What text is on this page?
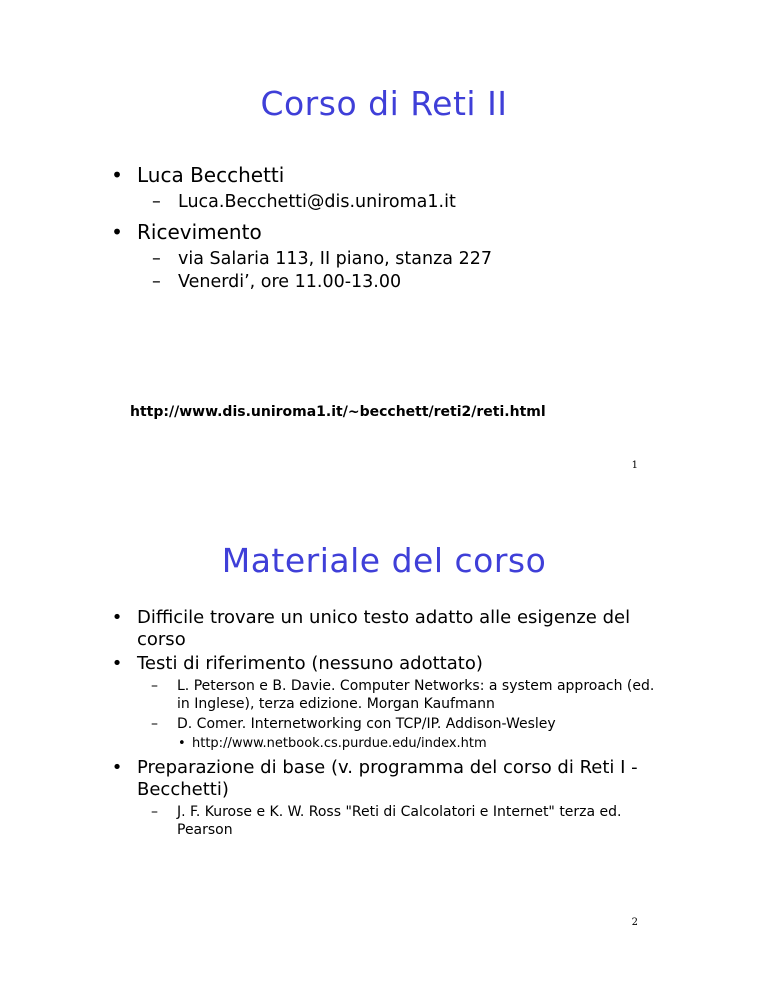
Corso di Reti II
• Luca Becchetti
– Luca.Becchetti@dis.uniroma1.it
• Ricevimento
– via Salaria 113, II piano, stanza 227
– Venerdi’, ore 11.00-13.00
http://www.dis.uniroma1.it/~becchett/reti2/reti.html
1
Materiale del corso
• Difficile trovare un unico testo adatto alle esigenze del corso
• Testi di riferimento (nessuno adottato)
–	L. Peterson e B. Davie. Computer Networks: a system approach (ed. in Inglese), terza edizione. Morgan Kaufmann
–	D. Comer. Internetworking con TCP/IP. Addison-Wesley
• http://www.netbook.cs.purdue.edu/index.htm
• Preparazione di base (v. programma del corso di Reti I - Becchetti)
–	J. F. Kurose e K. W. Ross "Reti di Calcolatori e Internet" terza ed. Pearson
2
